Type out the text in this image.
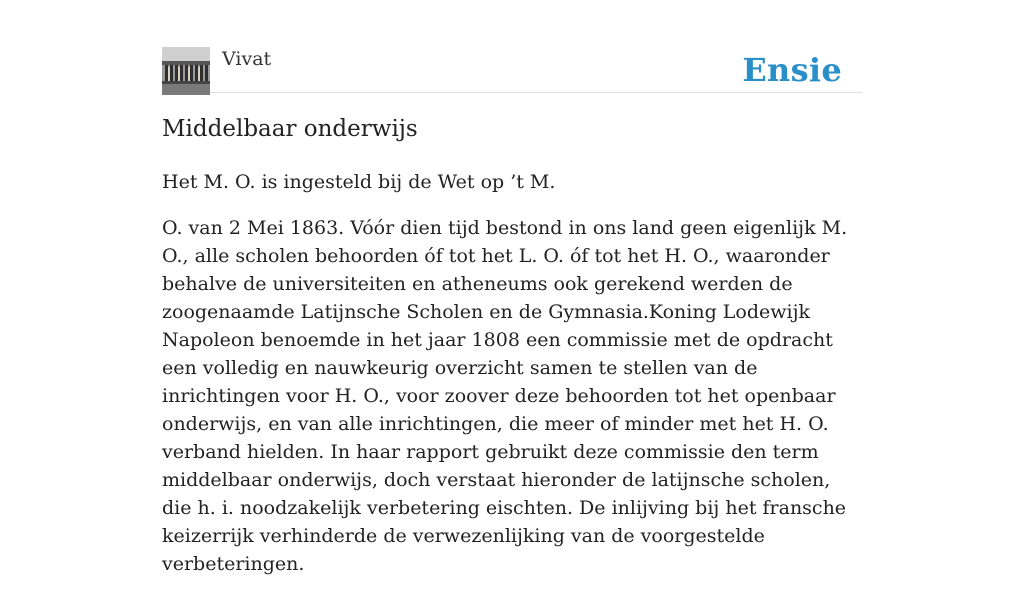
Vivat	Ensie
Middelbaar onderwijs

Het M. O. is ingesteld bij de Wet op ’t M.

O. van 2 Mei 1863. Vóór dien tijd bestond in ons land geen eigenlijk M. O., alle scholen behoorden óf tot het L. O. óf tot het H. O., waaronder behalve de universiteiten en atheneums ook gerekend werden de zoogenaamde Latijnsche Scholen en de Gymnasia.Koning Lodewijk Napoleon benoemde in het jaar 1808 een commissie met de opdracht een volledig en nauwkeurig overzicht samen te stellen van de inrichtingen voor H. O., voor zoover deze behoorden tot het openbaar onderwijs, en van alle inrichtingen, die meer of minder met het H. O. verband hielden. In haar rapport gebruikt deze commissie den term middelbaar onderwijs, doch verstaat hieronder de latijnsche scholen, die h. i. noodzakelijk verbetering eischten. De inlijving bij het fransche keizerrijk verhinderde de verwezenlijking van de voorgestelde verbeteringen.
